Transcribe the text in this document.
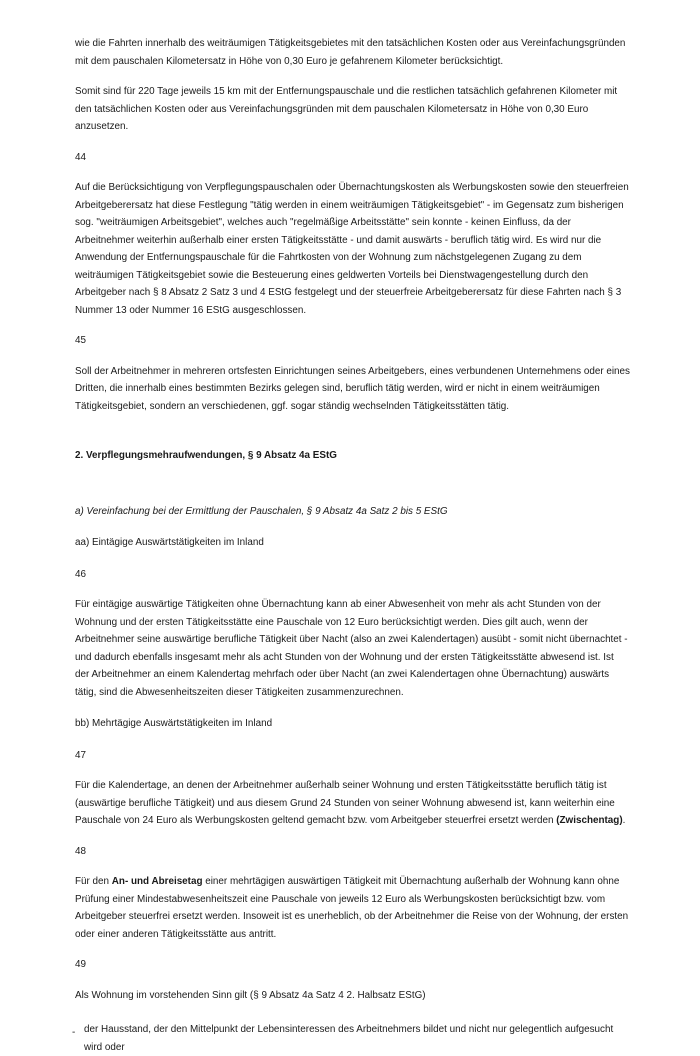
wie die Fahrten innerhalb des weiträumigen Tätigkeitsgebietes mit den tatsächlichen Kosten oder aus Vereinfachungsgründen mit dem pauschalen Kilometersatz in Höhe von 0,30 Euro je gefahrenem Kilometer berücksichtigt.

Somit sind für 220 Tage jeweils 15 km mit der Entfernungspauschale und die restlichen tatsächlich gefahrenen Kilometer mit den tatsächlichen Kosten oder aus Vereinfachungsgründen mit dem pauschalen Kilometersatz in Höhe von 0,30 Euro anzusetzen.

44

Auf die Berücksichtigung von Verpflegungspauschalen oder Übernachtungskosten als Werbungskosten sowie den steuerfreien Arbeitgeberersatz hat diese Festlegung "tätig werden in einem weiträumigen Tätigkeitsgebiet" - im Gegensatz zum bisherigen sog. "weiträumigen Arbeitsgebiet", welches auch "regelmäßige Arbeitsstätte" sein konnte - keinen Einfluss, da der Arbeitnehmer weiterhin außerhalb einer ersten Tätigkeitsstätte - und damit auswärts - beruflich tätig wird. Es wird nur die Anwendung der Entfernungspauschale für die Fahrtkosten von der Wohnung zum nächstgelegenen Zugang zu dem weiträumigen Tätigkeitsgebiet sowie die Besteuerung eines geldwerten Vorteils bei Dienstwagengestellung durch den Arbeitgeber nach § 8 Absatz 2 Satz 3 und 4 EStG festgelegt und der steuerfreie Arbeitgeberersatz für diese Fahrten nach § 3 Nummer 13 oder Nummer 16 EStG ausgeschlossen.

45

Soll der Arbeitnehmer in mehreren ortsfesten Einrichtungen seines Arbeitgebers, eines verbundenen Unternehmens oder eines Dritten, die innerhalb eines bestimmten Bezirks gelegen sind, beruflich tätig werden, wird er nicht in einem weiträumigen Tätigkeitsgebiet, sondern an verschiedenen, ggf. sogar ständig wechselnden Tätigkeitsstätten tätig.

2. Verpflegungsmehraufwendungen, § 9 Absatz 4a EStG

a) Vereinfachung bei der Ermittlung der Pauschalen, § 9 Absatz 4a Satz 2 bis 5 EStG

aa) Eintägige Auswärtstätigkeiten im Inland

46

Für eintägige auswärtige Tätigkeiten ohne Übernachtung kann ab einer Abwesenheit von mehr als acht Stunden von der Wohnung und der ersten Tätigkeitsstätte eine Pauschale von 12 Euro berücksichtigt werden. Dies gilt auch, wenn der Arbeitnehmer seine auswärtige berufliche Tätigkeit über Nacht (also an zwei Kalendertagen) ausübt - somit nicht übernachtet - und dadurch ebenfalls insgesamt mehr als acht Stunden von der Wohnung und der ersten Tätigkeitsstätte abwesend ist. Ist der Arbeitnehmer an einem Kalendertag mehrfach oder über Nacht (an zwei Kalendertagen ohne Übernachtung) auswärts tätig, sind die Abwesenheitszeiten dieser Tätigkeiten zusammenzurechnen.

bb) Mehrtägige Auswärtstätigkeiten im Inland

47

Für die Kalendertage, an denen der Arbeitnehmer außerhalb seiner Wohnung und ersten Tätigkeitsstätte beruflich tätig ist (auswärtige berufliche Tätigkeit) und aus diesem Grund 24 Stunden von seiner Wohnung abwesend ist, kann weiterhin eine Pauschale von 24 Euro als Werbungskosten geltend gemacht bzw. vom Arbeitgeber steuerfrei ersetzt werden (Zwischentag).

48

Für den An- und Abreisetag einer mehrtägigen auswärtigen Tätigkeit mit Übernachtung außerhalb der Wohnung kann ohne Prüfung einer Mindestabwesenheitszeit eine Pauschale von jeweils 12 Euro als Werbungskosten berücksichtigt bzw. vom Arbeitgeber steuerfrei ersetzt werden. Insoweit ist es unerheblich, ob der Arbeitnehmer die Reise von der Wohnung, der ersten oder einer anderen Tätigkeitsstätte aus antritt.

49

Als Wohnung im vorstehenden Sinn gilt (§ 9 Absatz 4a Satz 4 2. Halbsatz EStG)

- der Hausstand, der den Mittelpunkt der Lebensinteressen des Arbeitnehmers bildet und nicht nur gelegentlich aufgesucht wird oder
